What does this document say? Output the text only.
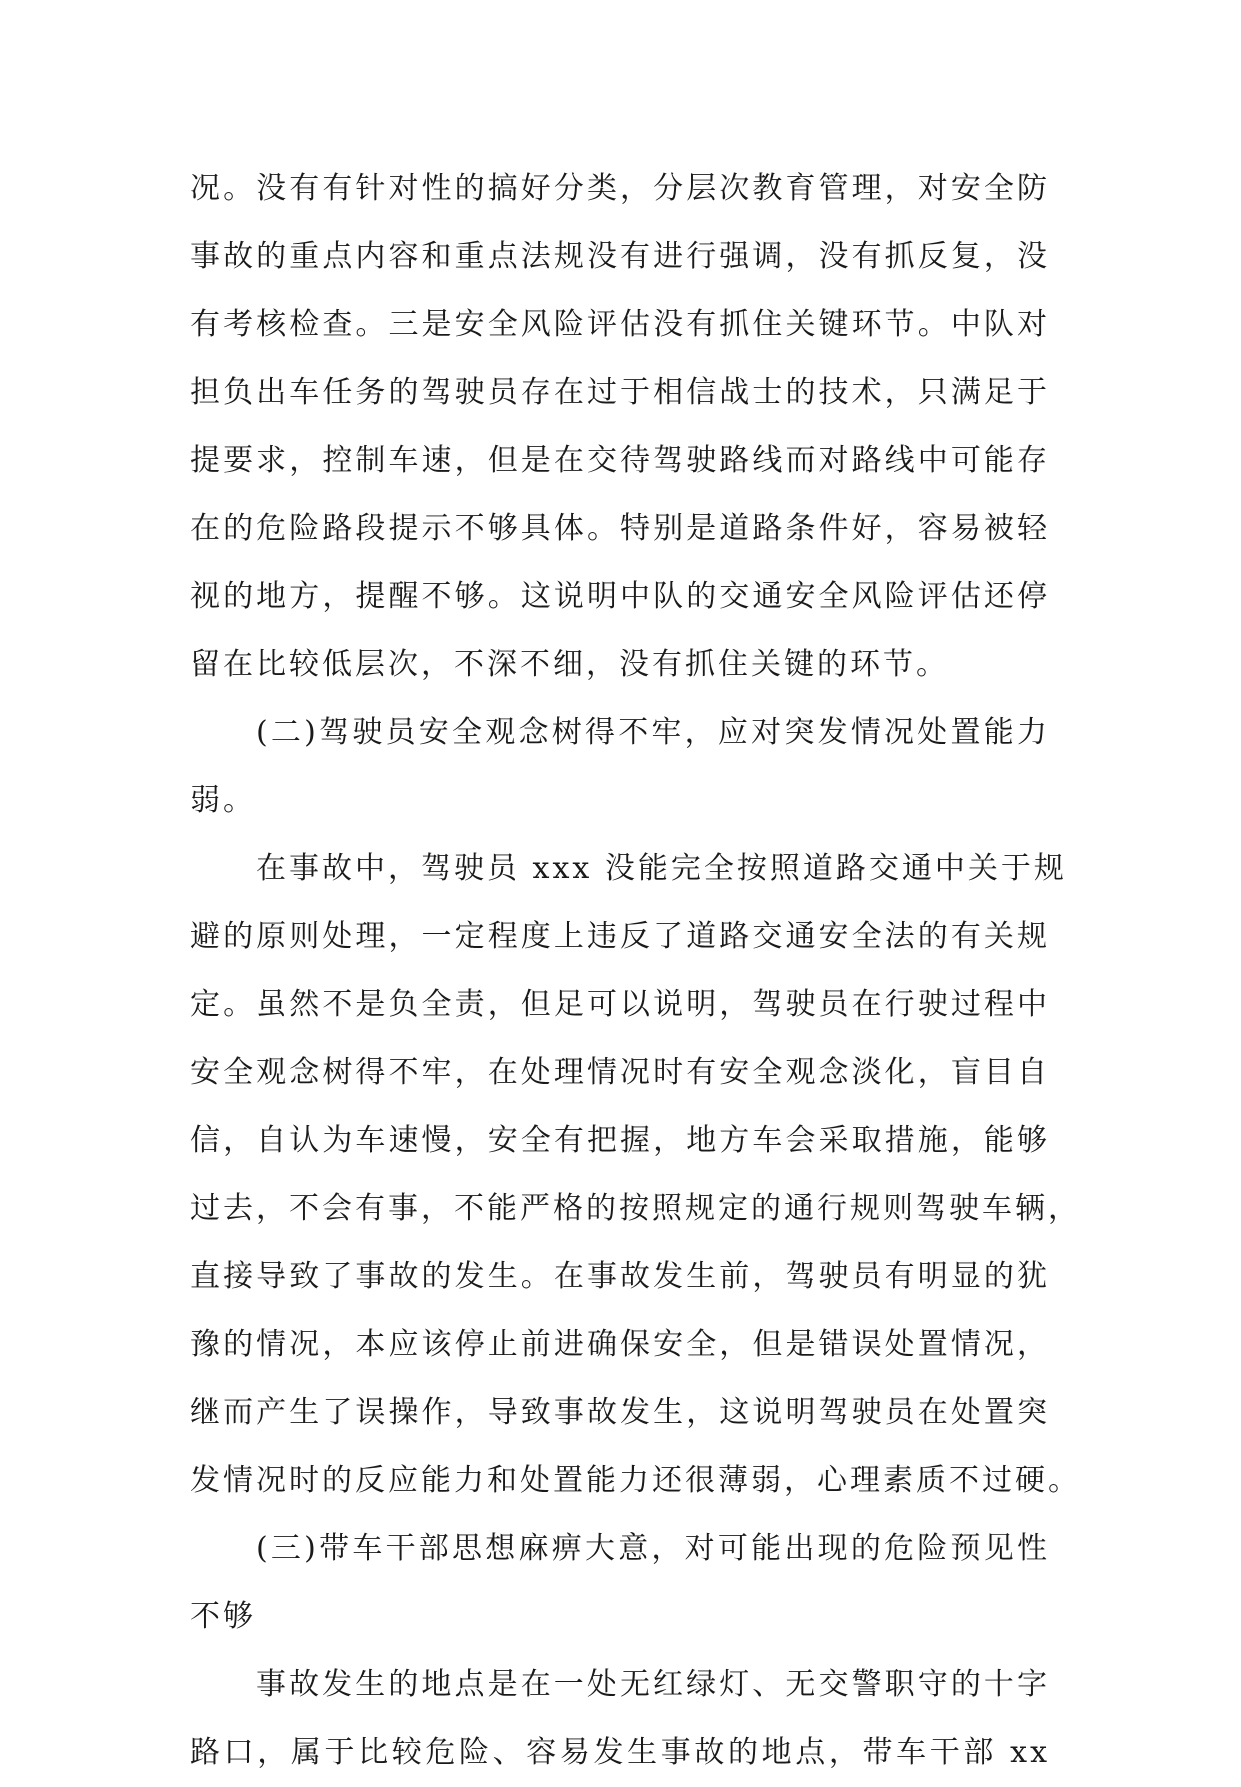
况。没有有针对性的搞好分类，分层次教育管理，对安全防
事故的重点内容和重点法规没有进行强调，没有抓反复，没
有考核检查。三是安全风险评估没有抓住关键环节。中队对
担负出车任务的驾驶员存在过于相信战士的技术，只满足于
提要求，控制车速，但是在交待驾驶路线而对路线中可能存
在的危险路段提示不够具体。特别是道路条件好，容易被轻
视的地方，提醒不够。这说明中队的交通安全风险评估还停
留在比较低层次，不深不细，没有抓住关键的环节。
(二)驾驶员安全观念树得不牢，应对突发情况处置能力
弱。
在事故中，驾驶员 xxx 没能完全按照道路交通中关于规
避的原则处理，一定程度上违反了道路交通安全法的有关规
定。虽然不是负全责，但足可以说明，驾驶员在行驶过程中
安全观念树得不牢，在处理情况时有安全观念淡化，盲目自
信，自认为车速慢，安全有把握，地方车会采取措施，能够
过去，不会有事，不能严格的按照规定的通行规则驾驶车辆，
直接导致了事故的发生。在事故发生前，驾驶员有明显的犹
豫的情况，本应该停止前进确保安全，但是错误处置情况，
继而产生了误操作，导致事故发生，这说明驾驶员在处置突
发情况时的反应能力和处置能力还很薄弱，心理素质不过硬。
(三)带车干部思想麻痹大意，对可能出现的危险预见性
不够
事故发生的地点是在一处无红绿灯、无交警职守的十字
路口，属于比较危险、容易发生事故的地点，带车干部 xx
